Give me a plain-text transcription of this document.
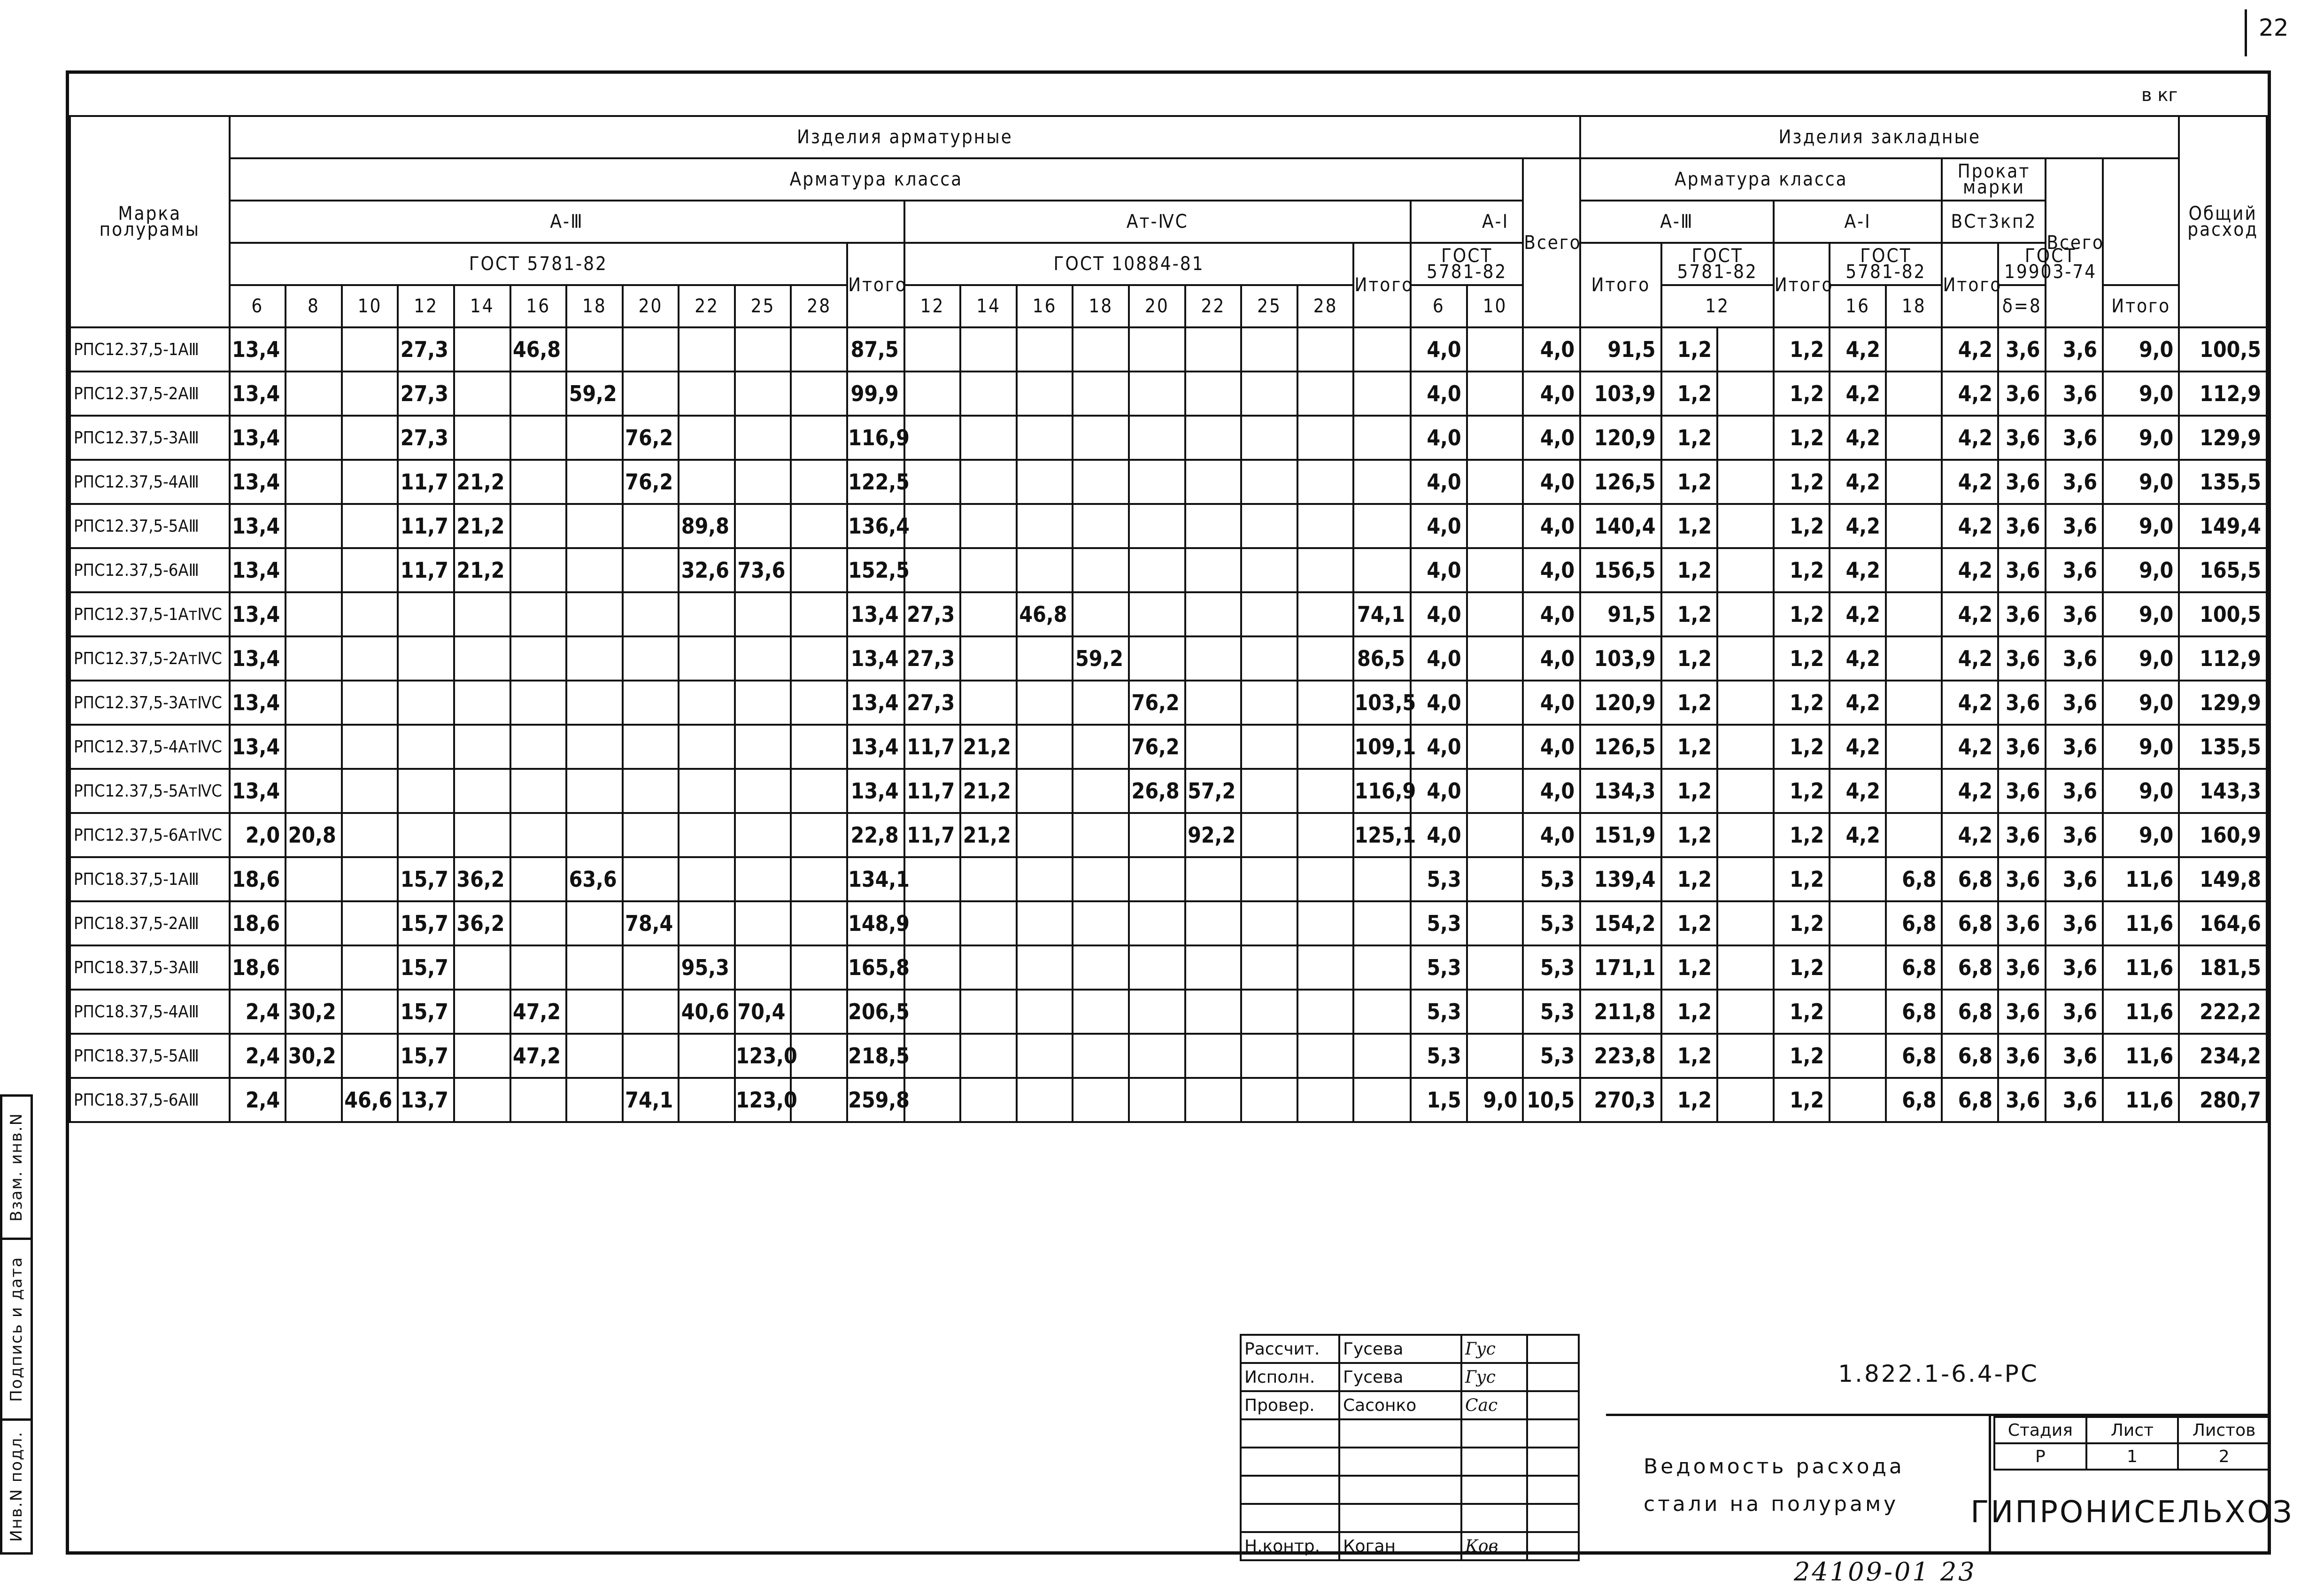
22
в кг
Марка полурамы	Изделия арматурные																								Изделия закладные										Общий расход
	Арматура класса																							Всего	Арматура класса						Прокат марки		Всего		
	А-Ⅲ												Ат-ⅣС									А-Ⅰ			А-Ⅲ			А-Ⅰ			ВСт3кп2				
	ГОСТ 5781-82											Итого	ГОСТ 10884-81								Итого	ГОСТ 5781-82			Итого	ГОСТ 5781-82		Итого	ГОСТ 5781-82		Итого	ГОСТ 19903-74			
	6	8	10	12	14	16	18	20	22	25	28		12	14	16	18	20	22	25	28		6	10			12			16	18		δ=8		Итого	
РПС12.37,5-1АⅢ	13,4			27,3		46,8						87,5										4,0		4,0	91,5	1,2		1,2	4,2		4,2	3,6	3,6	9,0	100,5
РПС12.37,5-2АⅢ	13,4			27,3			59,2					99,9										4,0		4,0	103,9	1,2		1,2	4,2		4,2	3,6	3,6	9,0	112,9
РПС12.37,5-3АⅢ	13,4			27,3				76,2				116,9										4,0		4,0	120,9	1,2		1,2	4,2		4,2	3,6	3,6	9,0	129,9
РПС12.37,5-4АⅢ	13,4			11,7	21,2			76,2				122,5										4,0		4,0	126,5	1,2		1,2	4,2		4,2	3,6	3,6	9,0	135,5
РПС12.37,5-5АⅢ	13,4			11,7	21,2				89,8			136,4										4,0		4,0	140,4	1,2		1,2	4,2		4,2	3,6	3,6	9,0	149,4
РПС12.37,5-6АⅢ	13,4			11,7	21,2				32,6	73,6		152,5										4,0		4,0	156,5	1,2		1,2	4,2		4,2	3,6	3,6	9,0	165,5
РПС12.37,5-1АтⅣС	13,4											13,4	27,3		46,8						74,1	4,0		4,0	91,5	1,2		1,2	4,2		4,2	3,6	3,6	9,0	100,5
РПС12.37,5-2АтⅣС	13,4											13,4	27,3			59,2					86,5	4,0		4,0	103,9	1,2		1,2	4,2		4,2	3,6	3,6	9,0	112,9
РПС12.37,5-3АтⅣС	13,4											13,4	27,3				76,2				103,5	4,0		4,0	120,9	1,2		1,2	4,2		4,2	3,6	3,6	9,0	129,9
РПС12.37,5-4АтⅣС	13,4											13,4	11,7	21,2			76,2				109,1	4,0		4,0	126,5	1,2		1,2	4,2		4,2	3,6	3,6	9,0	135,5
РПС12.37,5-5АтⅣС	13,4											13,4	11,7	21,2			26,8	57,2			116,9	4,0		4,0	134,3	1,2		1,2	4,2		4,2	3,6	3,6	9,0	143,3
РПС12.37,5-6АтⅣС	2,0	20,8										22,8	11,7	21,2				92,2			125,1	4,0		4,0	151,9	1,2		1,2	4,2		4,2	3,6	3,6	9,0	160,9
РПС18.37,5-1АⅢ	18,6			15,7	36,2		63,6					134,1										5,3		5,3	139,4	1,2		1,2		6,8	6,8	3,6	3,6	11,6	149,8
РПС18.37,5-2АⅢ	18,6			15,7	36,2			78,4				148,9										5,3		5,3	154,2	1,2		1,2		6,8	6,8	3,6	3,6	11,6	164,6
РПС18.37,5-3АⅢ	18,6			15,7					95,3			165,8										5,3		5,3	171,1	1,2		1,2		6,8	6,8	3,6	3,6	11,6	181,5
РПС18.37,5-4АⅢ	2,4	30,2		15,7		47,2			40,6	70,4		206,5										5,3		5,3	211,8	1,2		1,2		6,8	6,8	3,6	3,6	11,6	222,2
РПС18.37,5-5АⅢ	2,4	30,2		15,7		47,2				123,0		218,5										5,3		5,3	223,8	1,2		1,2		6,8	6,8	3,6	3,6	11,6	234,2
РПС18.37,5-6АⅢ	2,4		46,6	13,7				74,1		123,0		259,8										1,5	9,0	10,5	270,3	1,2		1,2		6,8	6,8	3,6	3,6	11,6	280,7
Взам. инв.N
Подпись и дата
Инв.N подл.
Рассчит.	Гусева	Гус	
Исполн.	Гусева	Гус	
Провер.	Сасонко	Сас	

Н.контр.	Коган	Ков	
1.822.1-6.4-РС
Ведомость расхода
стали на полураму
Стадия	Лист	Листов
Р	1	2
ГИПРОНИСЕЛЬХОЗ
24109-01 23
